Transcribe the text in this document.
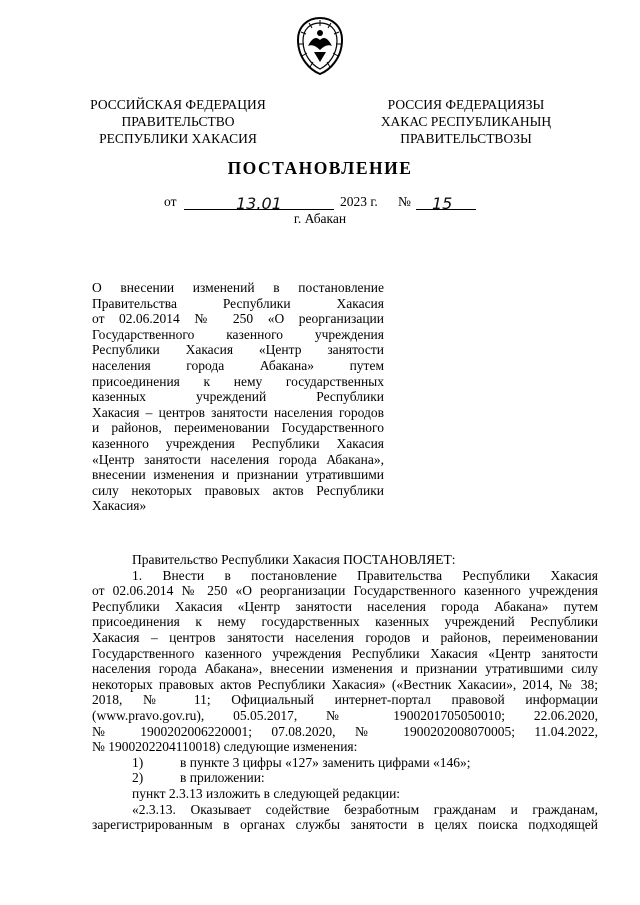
РОССИЙСКАЯ ФЕДЕРАЦИЯ
ПРАВИТЕЛЬСТВО
РЕСПУБЛИКИ ХАКАСИЯ
РОССИЯ ФЕДЕРАЦИЯЗЫ
ХАКАС РЕСПУБЛИКАНЫҢ
ПРАВИТЕЛЬСТВОЗЫ
ПОСТАНОВЛЕНИЕ
от	13.01	2023 г. № 15
г. Абакан
О внесении изменений в постановление
Правительства Республики Хакасия
от 02.06.2014 № 250 «О реорганизации
Государственного казенного учреждения
Республики Хакасия «Центр занятости
населения города Абакана» путем
присоединения к нему государственных
казенных учреждений Республики
Хакасия – центров занятости населения городов
и районов, переименовании Государственного
казенного учреждения Республики Хакасия
«Центр занятости населения города Абакана»,
внесении изменения и признании утратившими
силу некоторых правовых актов Республики
Хакасия»
Правительство Республики Хакасия ПОСТАНОВЛЯЕТ:
1. Внести в постановление Правительства Республики Хакасия
от 02.06.2014 № 250 «О реорганизации Государственного казенного учреждения
Республики Хакасия «Центр занятости населения города Абакана» путем
присоединения к нему государственных казенных учреждений Республики
Хакасия – центров занятости населения городов и районов, переименовании
Государственного казенного учреждения Республики Хакасия «Центр занятости
населения города Абакана», внесении изменения и признании утратившими силу
некоторых правовых актов Республики Хакасия» («Вестник Хакасии», 2014, № 38;
2018, № 11; Официальный интернет-портал правовой информации
(www.pravo.gov.ru), 05.05.2017, № 1900201705050010; 22.06.2020,
№ 1900202006220001; 07.08.2020, № 1900202008070005; 11.04.2022,
№ 1900202204110018) следующие изменения:
1)	в пункте 3 цифры «127» заменить цифрами «146»;
2)	в приложении:
пункт 2.3.13 изложить в следующей редакции:
«2.3.13. Оказывает содействие безработным гражданам и гражданам,
зарегистрированным в органах службы занятости в целях поиска подходящей
